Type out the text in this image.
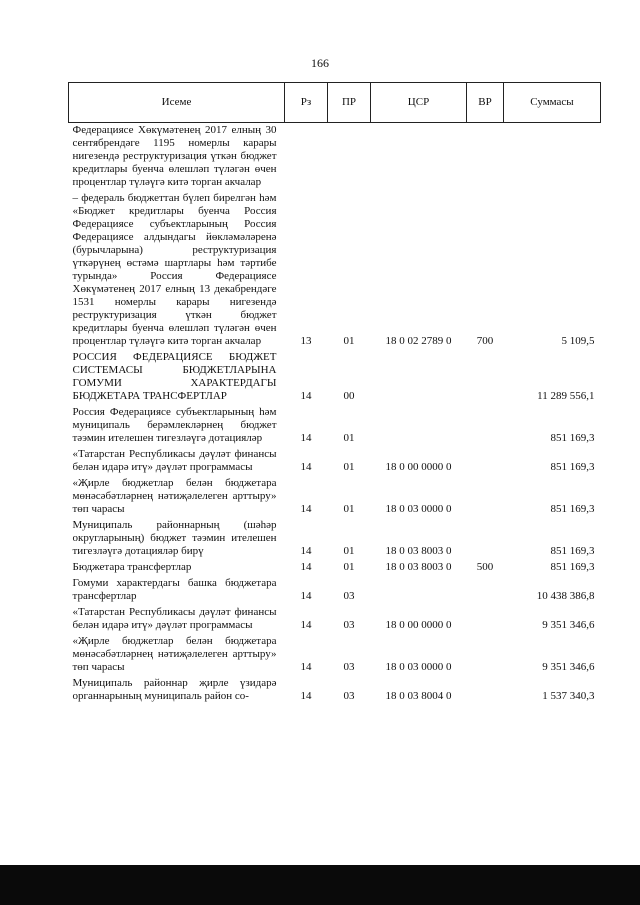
166
Исеме	Рз	ПР	ЦСР	ВР	Суммасы
Федерациясе Хөкүмәтенең 2017 елның 30 сентябрендәге 1195 номерлы карары нигезендә реструктуризация үткән бюджет кредитлары буенча өлешләп түләгән өчен процентлар түләүгә китә торган акчалар					
– федераль бюджеттан бүлеп бирелгән һәм «Бюджет кредитлары буенча Россия Федерациясе субъектларының Россия Федерациясе алдындагы йөкләмәләренә (бурычларына) реструктуризация үткәрүнең өстәмә шартлары һәм тәртибе турында» Россия Федерациясе Хөкүмәтенең 2017 елның 13 декабрендәге 1531 номерлы карары нигезендә реструктуризация үткән бюджет кредитлары буенча өлешләп түләгән өчен процентлар түләүгә китә торган акчалар	13	01	18 0 02 2789 0	700	5 109,5
РОССИЯ ФЕДЕРАЦИЯСЕ БЮДЖЕТ СИСТЕМАСЫ БЮДЖЕТЛАРЫНА ГОМУМИ ХАРАКТЕРДАГЫ БЮДЖЕТАРА ТРАНСФЕРТЛАР	14	00			11 289 556,1
Россия Федерациясе субъектларының һәм муниципаль берәмлекләрнең бюджет тәэмин ителешен тигезләүгә дотацияләр	14	01			851 169,3
«Татарстан Республикасы дәүләт финансы белән идарә итү» дәүләт программасы	14	01	18 0 00 0000 0		851 169,3
«Җирле бюджетлар белән бюджетара мөнәсәбәтләрнең нәтиҗәлелеген арттыру» төп чарасы	14	01	18 0 03 0000 0		851 169,3
Муниципаль районнарның (шәһәр округларының) бюджет тәэмин ителешен тигезләүгә дотацияләр бирү	14	01	18 0 03 8003 0		851 169,3
Бюджетара трансфертлар	14	01	18 0 03 8003 0	500	851 169,3
Гомуми характердагы башка бюджетара трансфертлар	14	03			10 438 386,8
«Татарстан Республикасы дәүләт финансы белән идарә итү» дәүләт программасы	14	03	18 0 00 0000 0		9 351 346,6
«Җирле бюджетлар белән бюджетара мөнәсәбәтләрнең нәтиҗәлелеген арттыру» төп чарасы	14	03	18 0 03 0000 0		9 351 346,6
Муниципаль районнар җирле үзидарә органнарының муниципаль район со-	14	03	18 0 03 8004 0		1 537 340,3
